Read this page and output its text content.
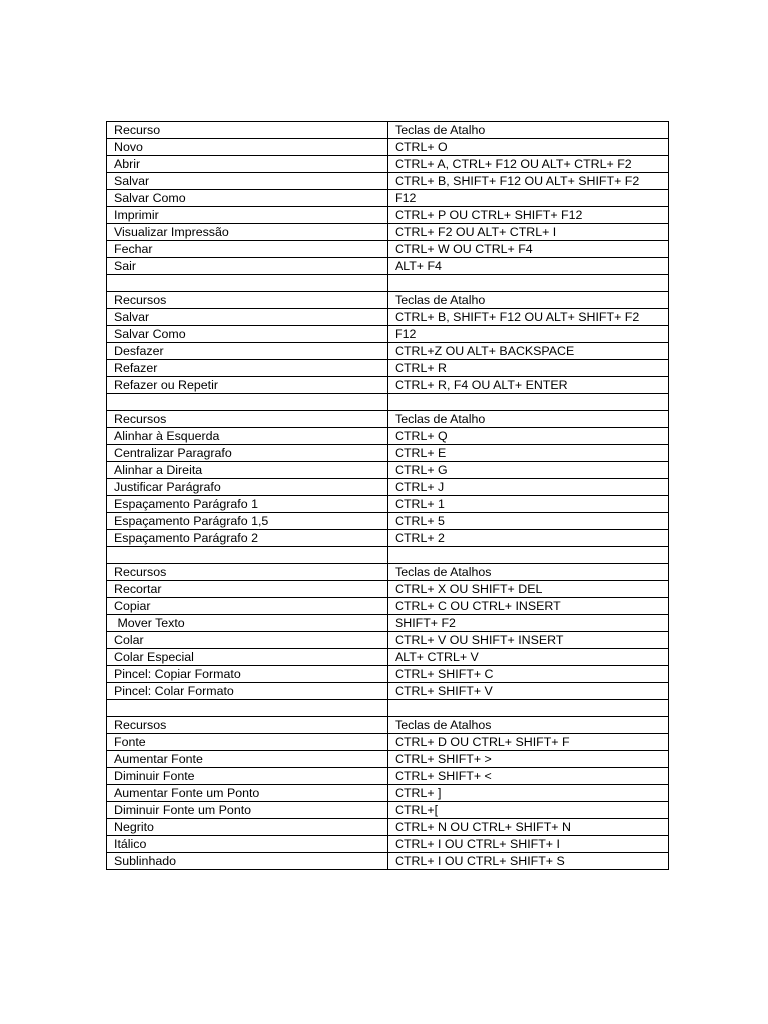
Recurso	Teclas de Atalho
Novo	CTRL+ O
Abrir	CTRL+ A, CTRL+ F12 OU ALT+ CTRL+ F2
Salvar	CTRL+ B, SHIFT+ F12 OU ALT+ SHIFT+ F2
Salvar Como	F12
Imprimir	CTRL+ P OU CTRL+ SHIFT+ F12
Visualizar Impressão	CTRL+ F2 OU ALT+ CTRL+ I
Fechar	CTRL+ W OU CTRL+ F4
Sair	ALT+ F4

Recursos	Teclas de Atalho
Salvar	CTRL+ B, SHIFT+ F12 OU ALT+ SHIFT+ F2
Salvar Como	F12
Desfazer	CTRL+Z OU ALT+ BACKSPACE
Refazer	CTRL+ R
Refazer ou Repetir	CTRL+ R, F4 OU ALT+ ENTER

Recursos	Teclas de Atalho
Alinhar à Esquerda	CTRL+ Q
Centralizar Paragrafo	CTRL+ E
Alinhar a Direita	CTRL+ G
Justificar Parágrafo	CTRL+ J
Espaçamento Parágrafo 1	CTRL+ 1
Espaçamento Parágrafo 1,5	CTRL+ 5
Espaçamento Parágrafo 2	CTRL+ 2

Recursos	Teclas de Atalhos
Recortar	CTRL+ X OU SHIFT+ DEL
Copiar	CTRL+ C OU CTRL+ INSERT
Mover Texto	SHIFT+ F2
Colar	CTRL+ V OU SHIFT+ INSERT
Colar Especial	ALT+ CTRL+ V
Pincel: Copiar Formato	CTRL+ SHIFT+ C
Pincel: Colar Formato	CTRL+ SHIFT+ V

Recursos	Teclas de Atalhos
Fonte	CTRL+ D OU CTRL+ SHIFT+ F
Aumentar Fonte	CTRL+ SHIFT+ >
Diminuir Fonte	CTRL+ SHIFT+ <
Aumentar Fonte um Ponto	CTRL+ ]
Diminuir Fonte um Ponto	CTRL+[
Negrito	CTRL+ N OU CTRL+ SHIFT+ N
Itálico	CTRL+ I OU CTRL+ SHIFT+ I
Sublinhado	CTRL+ I OU CTRL+ SHIFT+ S
